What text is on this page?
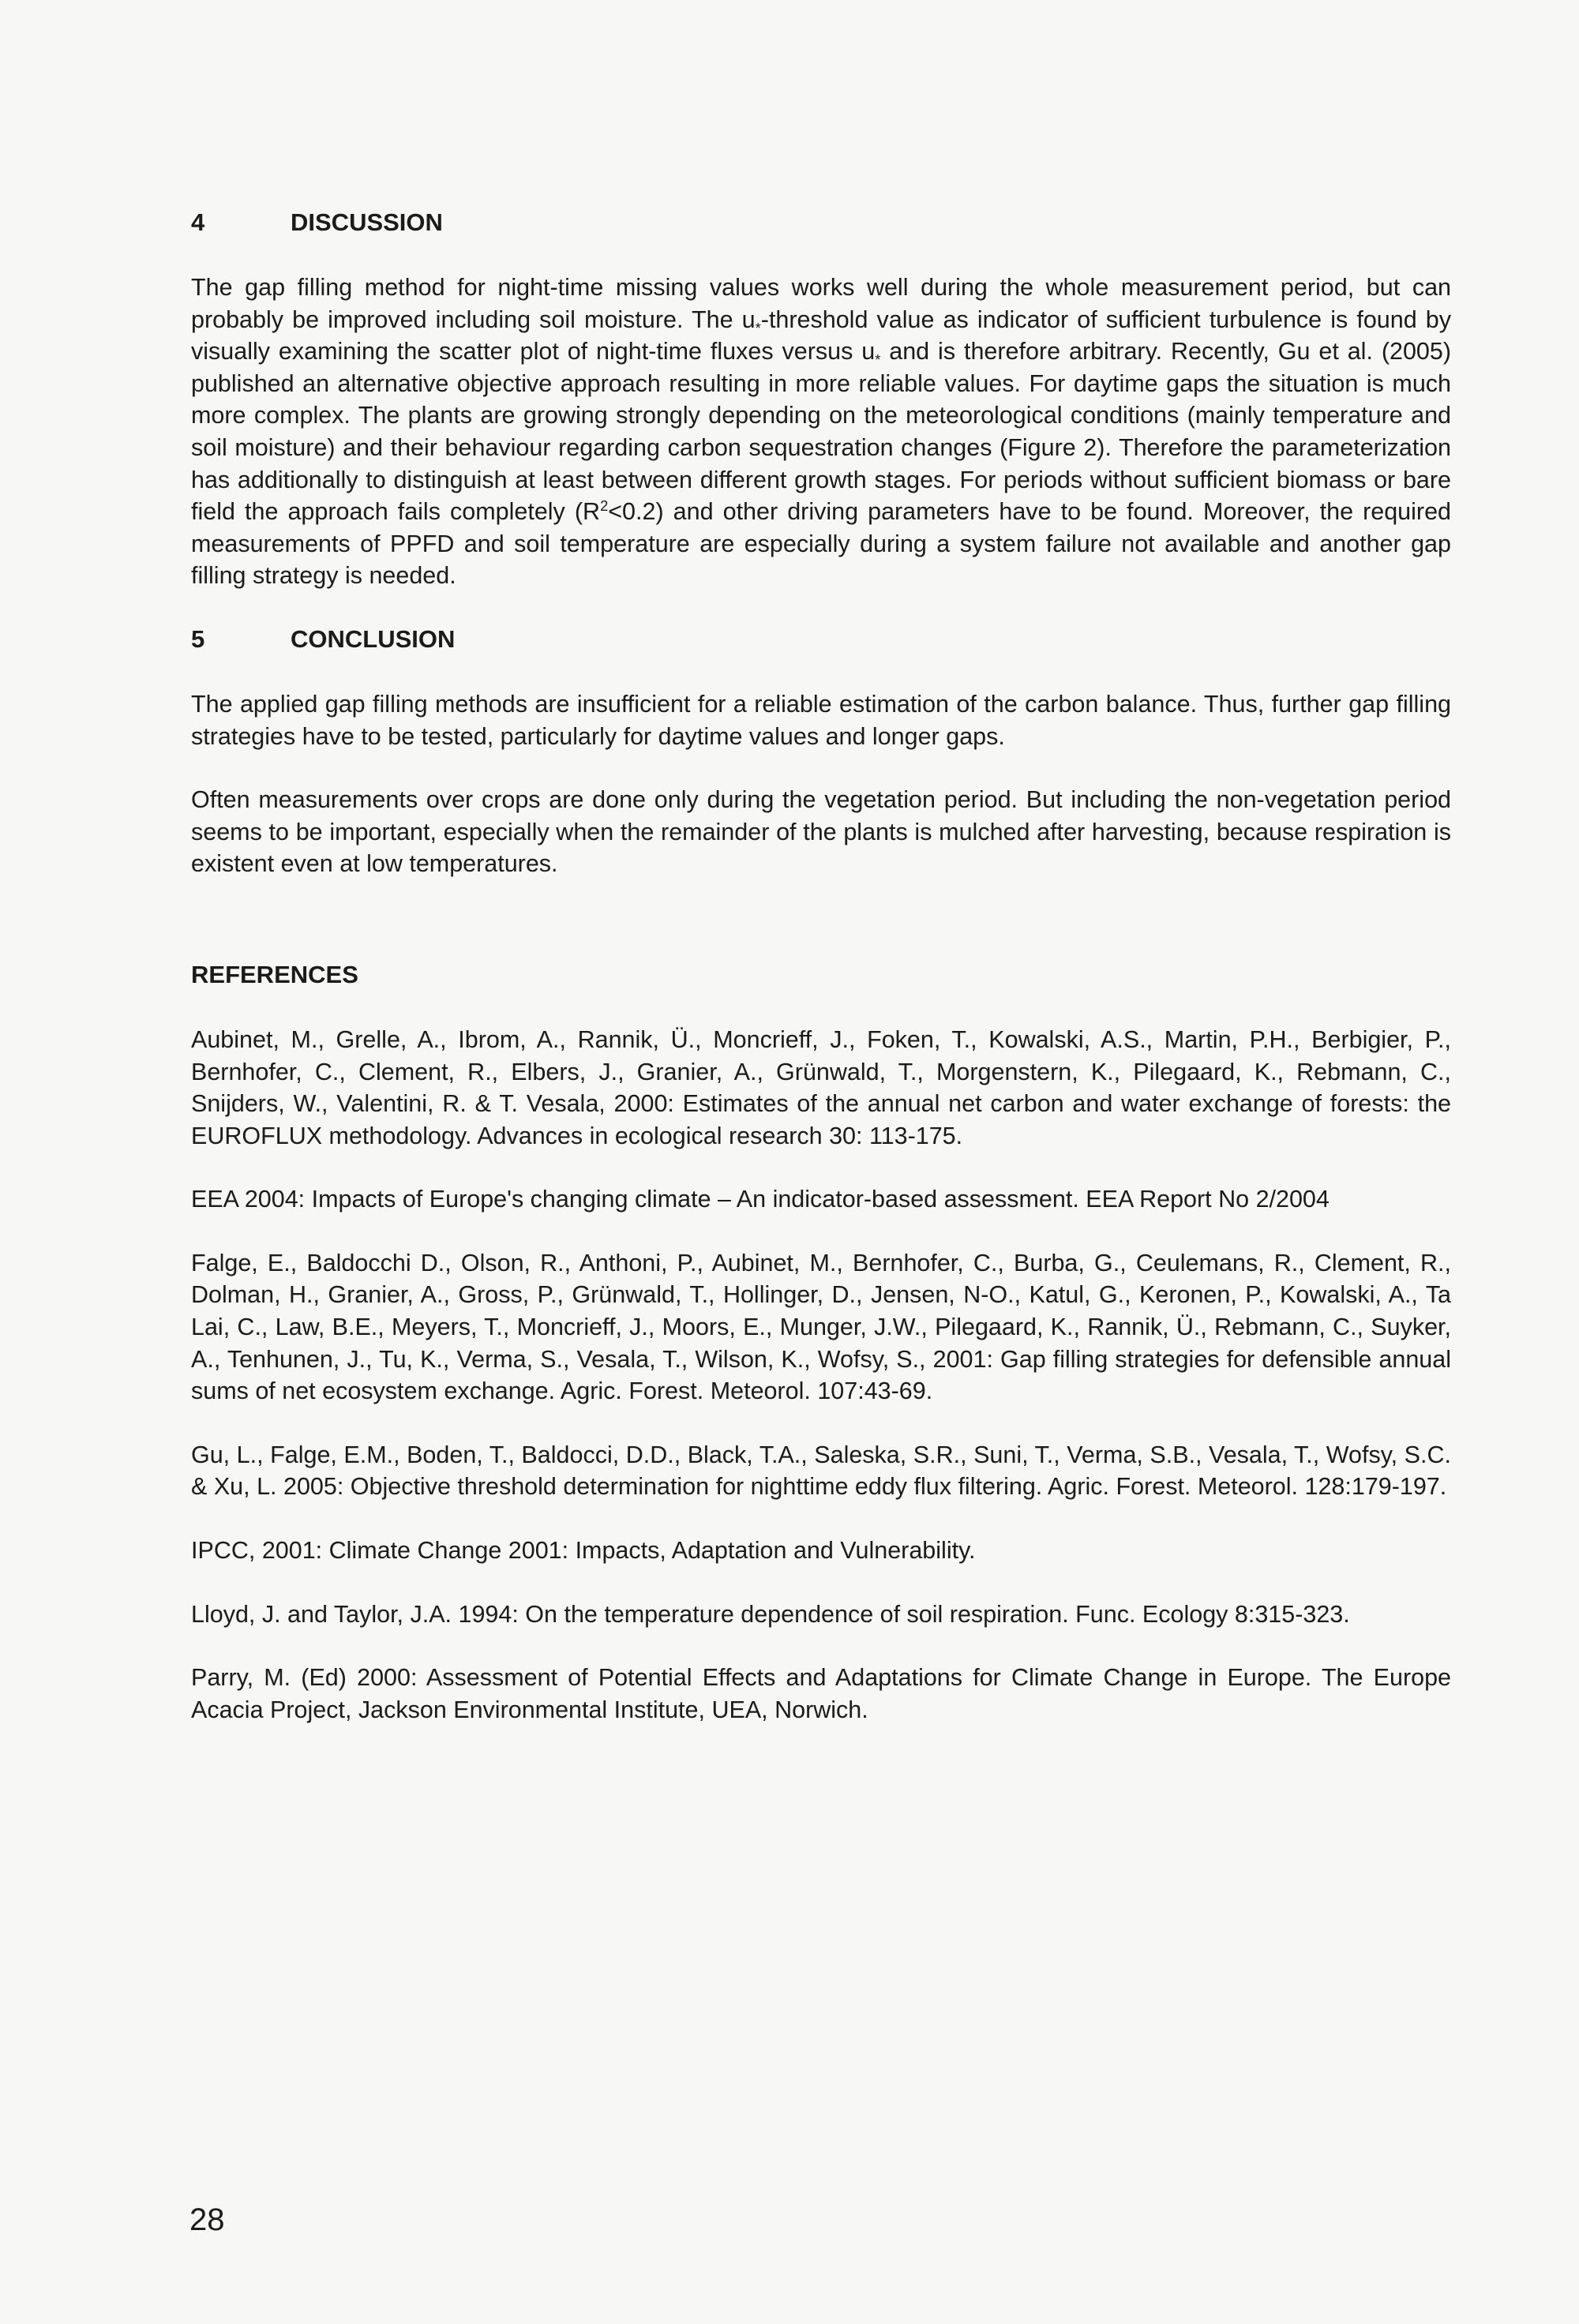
4	DISCUSSION

The gap filling method for night-time missing values works well during the whole measurement period, but can probably be improved including soil moisture. The $u_*$-threshold value as indicator of sufficient turbulence is found by visually examining the scatter plot of night-time fluxes versus $u_*$ and is therefore arbitrary. Recently, Gu et al. (2005) published an alternative objective approach resulting in more reliable values. For daytime gaps the situation is much more complex. The plants are growing strongly depending on the meteorological conditions (mainly temperature and soil moisture) and their behaviour regarding carbon sequestration changes (Figure 2). Therefore the parameterization has additionally to distinguish at least between different growth stages. For periods without sufficient biomass or bare field the approach fails completely $(R^2<0.2)$ and other driving parameters have to be found. Moreover, the required measurements of PPFD and soil temperature are especially during a system failure not available and another gap filling strategy is needed.

5	CONCLUSION

The applied gap filling methods are insufficient for a reliable estimation of the carbon balance. Thus, further gap filling strategies have to be tested, particularly for daytime values and longer gaps.

Often measurements over crops are done only during the vegetation period. But including the non-vegetation period seems to be important, especially when the remainder of the plants is mulched after harvesting, because respiration is existent even at low temperatures.

REFERENCES

Aubinet, M., Grelle, A., Ibrom, A., Rannik, Ü., Moncrieff, J., Foken, T., Kowalski, A.S., Martin, P.H., Berbigier, P., Bernhofer, C., Clement, R., Elbers, J., Granier, A., Grünwald, T., Morgenstern, K., Pilegaard, K., Rebmann, C., Snijders, W., Valentini, R. & T. Vesala, 2000: Estimates of the annual net carbon and water exchange of forests: the EUROFLUX methodology. Advances in ecological research 30: 113-175.

EEA 2004: Impacts of Europe's changing climate – An indicator-based assessment. EEA Report No 2/2004

Falge, E., Baldocchi D., Olson, R., Anthoni, P., Aubinet, M., Bernhofer, C., Burba, G., Ceulemans, R., Clement, R., Dolman, H., Granier, A., Gross, P., Grünwald, T., Hollinger, D., Jensen, N-O., Katul, G., Keronen, P., Kowalski, A., Ta Lai, C., Law, B.E., Meyers, T., Moncrieff, J., Moors, E., Munger, J.W., Pilegaard, K., Rannik, Ü., Rebmann, C., Suyker, A., Tenhunen, J., Tu, K., Verma, S., Vesala, T., Wilson, K., Wofsy, S., 2001: Gap filling strategies for defensible annual sums of net ecosystem exchange. Agric. Forest. Meteorol. 107:43-69.

Gu, L., Falge, E.M., Boden, T., Baldocci, D.D., Black, T.A., Saleska, S.R., Suni, T., Verma, S.B., Vesala, T., Wofsy, S.C. & Xu, L. 2005: Objective threshold determination for nighttime eddy flux filtering. Agric. Forest. Meteorol. 128:179-197.

IPCC, 2001: Climate Change 2001: Impacts, Adaptation and Vulnerability.

Lloyd, J. and Taylor, J.A. 1994: On the temperature dependence of soil respiration. Func. Ecology 8:315-323.

Parry, M. (Ed) 2000: Assessment of Potential Effects and Adaptations for Climate Change in Europe. The Europe Acacia Project, Jackson Environmental Institute, UEA, Norwich.

28
